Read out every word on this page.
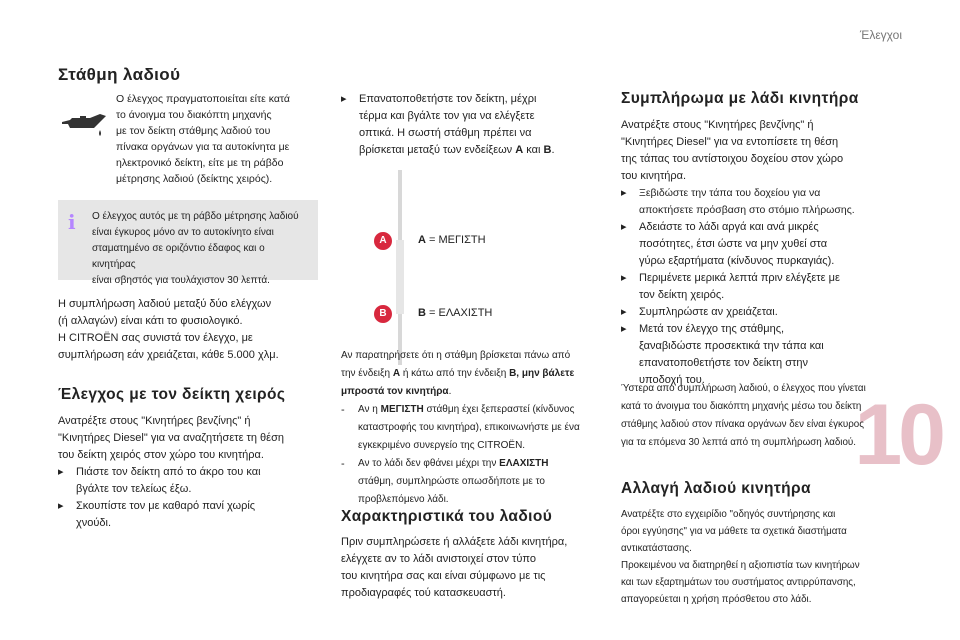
Έλεγχοι
10
Στάθμη λαδιού

Ο έλεγχος πραγματοποιείται είτε κατά

το άνοιγμα του διακόπτη μηχανής

με τον δείκτη στάθμης λαδιού του

πίνακα οργάνων για τα αυτοκίνητα με

ηλεκτρονικό δείκτη, είτε με τη ράβδο

μέτρησης λαδιού (δείκτης χειρός).

i Ο έλεγχος αυτός με τη ράβδο μέτρησης λαδιού

είναι έγκυρος μόνο αν το αυτοκίνητο είναι

σταματημένο σε οριζόντιο έδαφος και ο κινητήρας

είναι σβηστός για τουλάχιστον 30 λεπτά.

Η συμπλήρωση λαδιού μεταξύ δύο ελέγχων

(ή αλλαγών) είναι κάτι το φυσιολογικό.

Η CITROËN σας συνιστά τον έλεγχο, με

συμπλήρωση εάν χρειάζεται, κάθε 5.000 χλμ.

Έλεγχος με τον δείκτη χειρός

Ανατρέξτε στους "Κινητήρες βενζίνης" ή

"Κινητήρες Diesel" για να αναζητήσετε τη θέση

του δείκτη χειρός στον χώρο του κινητήρα.

▸ Πιάστε τον δείκτη από το άκρο του και

βγάλτε τον τελείως έξω.

▸ Σκουπίστε τον με καθαρό πανί χωρίς

χνούδι.

▸ Επανατοποθετήστε τον δείκτη, μέχρι

τέρμα και βγάλτε τον για να ελέγξετε

οπτικά. Η σωστή στάθμη πρέπει να

βρίσκεται μεταξύ των ενδείξεων A και B.

A
B

A = ΜΕΓΙΣΤΗ

B = ΕΛΑΧΙΣΤΗ

Αν παρατηρήσετε ότι η στάθμη βρίσκεται πάνω από

την ένδειξη A ή κάτω από την ένδειξη B, μην βάλετε

μπροστά τον κινητήρα.

- Αν η ΜΕΓΙΣΤΗ στάθμη έχει ξεπεραστεί (κίνδυνος

καταστροφής του κινητήρα), επικοινωνήστε με ένα

εγκεκριμένο συνεργείο της CITROËN.

- Αν το λάδι δεν φθάνει μέχρι την ΕΛΑΧΙΣΤΗ

στάθμη, συμπληρώστε οπωσδήποτε με το

προβλεπόμενο λάδι.

Χαρακτηριστικά του λαδιού

Πριν συμπληρώσετε ή αλλάξετε λάδι κινητήρα,

ελέγχετε αν το λάδι ανιστοιχεί στον τύπο

του κινητήρα σας και είναι σύμφωνο με τις

προδιαγραφές τού κατασκευαστή.

Συμπλήρωμα με λάδι κινητήρα

Ανατρέξτε στους "Κινητήρες βενζίνης" ή

"Κινητήρες Diesel" για να εντοπίσετε τη θέση

της τάπας του αντίστοιχου δοχείου στον χώρο

του κινητήρα.

▸ Ξεβιδώστε την τάπα του δοχείου για να

αποκτήσετε πρόσβαση στο στόμιο πλήρωσης.

▸ Αδειάστε το λάδι αργά και ανά μικρές

ποσότητες, έτσι ώστε να μην χυθεί στα

γύρω εξαρτήματα (κίνδυνος πυρκαγιάς).

▸ Περιμένετε μερικά λεπτά πριν ελέγξετε με

τον δείκτη χειρός.

▸ Συμπληρώστε αν χρειάζεται.

▸ Μετά τον έλεγχο της στάθμης,

ξαναβιδώστε προσεκτικά την τάπα και

επανατοποθετήστε τον δείκτη στην

υποδοχή του.

Ύστερα από συμπλήρωση λαδιού, ο έλεγχος που γίνεται

κατά το άνοιγμα του διακόπτη μηχανής μέσω του δείκτη

στάθμης λαδιού στον πίνακα οργάνων δεν είναι έγκυρος

για τα επόμενα 30 λεπτά από τη συμπλήρωση λαδιού.

Αλλαγή λαδιού κινητήρα

Ανατρέξτε στο εγχειρίδιο "οδηγός συντήρησης και

όροι εγγύησης" για να μάθετε τα σχετικά διαστήματα

αντικατάστασης.

Προκειμένου να διατηρηθεί η αξιοπιστία των κινητήρων

και των εξαρτημάτων του συστήματος αντιρρύπανσης,

απαγορεύεται η χρήση πρόσθετου στο λάδι.
